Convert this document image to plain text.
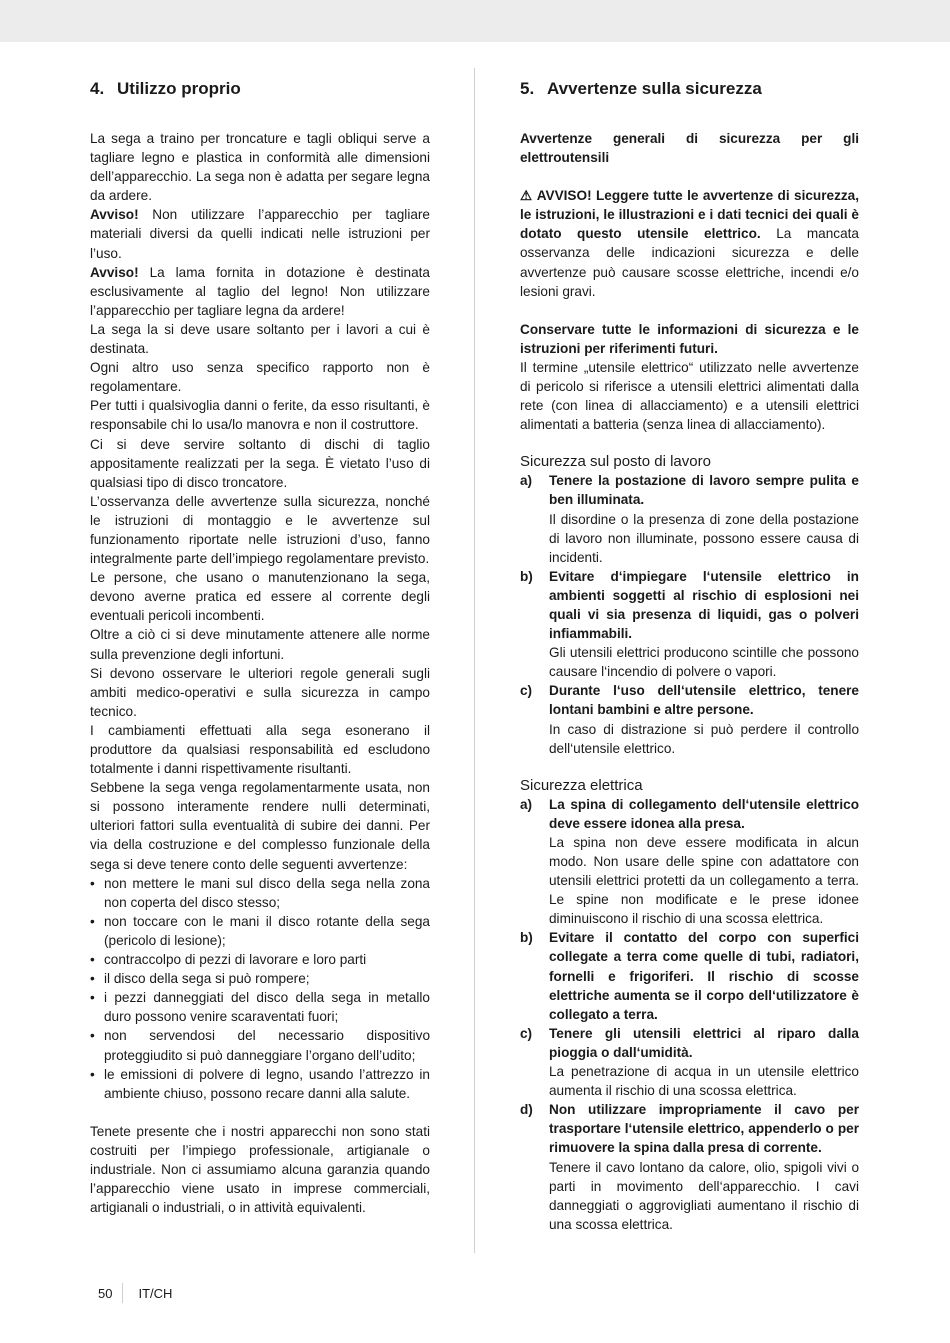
4. Utilizzo proprio

La sega a traino per troncature e tagli obliqui serve a tagliare legno e plastica in conformità alle dimensioni dell’apparecchio. La sega non è adatta per segare legna da ardere.

Avviso! Non utilizzare l’apparecchio per tagliare materiali diversi da quelli indicati nelle istruzioni per l’uso.

Avviso! La lama fornita in dotazione è destinata esclusivamente al taglio del legno! Non utilizzare l’apparecchio per tagliare legna da ardere!

La sega la si deve usare soltanto per i lavori a cui è destinata.

Ogni altro uso senza specifico rapporto non è regolamentare.

Per tutti i qualsivoglia danni o ferite, da esso risultanti, è responsabile chi lo usa/lo manovra e non il costruttore.

Ci si deve servire soltanto di dischi di taglio appositamente realizzati per la sega. È vietato l’uso di qualsiasi tipo di disco troncatore.

L’osservanza delle avvertenze sulla sicurezza, nonché le istruzioni di montaggio e le avvertenze sul funzionamento riportate nelle istruzioni d’uso, fanno integralmente parte dell’impiego regolamentare previsto.

Le persone, che usano o manutenzionano la sega, devono averne pratica ed essere al corrente degli eventuali pericoli incombenti.

Oltre a ciò ci si deve minutamente attenere alle norme sulla prevenzione degli infortuni.

Si devono osservare le ulteriori regole generali sugli ambiti medico-operativi e sulla sicurezza in campo tecnico.

I cambiamenti effettuati alla sega esonerano il produttore da qualsiasi responsabilità ed escludono totalmente i danni rispettivamente risultanti.

Sebbene la sega venga regolamentarmente usata, non si possono interamente rendere nulli determinati, ulteriori fattori sulla eventualità di subire dei danni. Per via della costruzione e del complesso funzionale della sega si deve tenere conto delle seguenti avvertenze:

• non mettere le mani sul disco della sega nella zona non coperta del disco stesso;
• non toccare con le mani il disco rotante della sega (pericolo di lesione);
• contraccolpo di pezzi di lavorare e loro parti
• il disco della sega si può rompere;
• i pezzi danneggiati del disco della sega in metallo duro possono venire scaraventati fuori;
• non servendosi del necessario dispositivo proteggiudito si può danneggiare l’organo dell’udito;
• le emissioni di polvere di legno, usando l’attrezzo in ambiente chiuso, possono recare danni alla salute.

Tenete presente che i nostri apparecchi non sono stati costruiti per l’impiego professionale, artigianale o industriale. Non ci assumiamo alcuna garanzia quando l’apparecchio viene usato in imprese commerciali, artigianali o industriali, o in attività equivalenti.

5. Avvertenze sulla sicurezza

Avvertenze generali di sicurezza per gli elettroutensili

⚠ AVVISO! Leggere tutte le avvertenze di sicurezza, le istruzioni, le illustrazioni e i dati tecnici dei quali è dotato questo utensile elettrico. La mancata osservanza delle indicazioni sicurezza e delle avvertenze può causare scosse elettriche, incendi e/o lesioni gravi.

Conservare tutte le informazioni di sicurezza e le istruzioni per riferimenti futuri.

Il termine „utensile elettrico“ utilizzato nelle avvertenze di pericolo si riferisce a utensili elettrici alimentati dalla rete (con linea di allacciamento) e a utensili elettrici alimentati a batteria (senza linea di allacciamento).

Sicurezza sul posto di lavoro
a)	Tenere la postazione di lavoro sempre pulita e ben illuminata.
Il disordine o la presenza di zone della postazione di lavoro non illuminate, possono essere causa di incidenti.
b)	Evitare d‘impiegare l‘utensile elettrico in ambienti soggetti al rischio di esplosioni nei quali vi sia presenza di liquidi, gas o polveri infiammabili.
Gli utensili elettrici producono scintille che possono causare l‘incendio di polvere o vapori.
c)	Durante l‘uso dell‘utensile elettrico, tenere lontani bambini e altre persone.
In caso di distrazione si può perdere il controllo dell‘utensile elettrico.
Sicurezza elettrica
a)	La spina di collegamento dell‘utensile elettrico deve essere idonea alla presa.
La spina non deve essere modificata in alcun modo. Non usare delle spine con adattatore con utensili elettrici protetti da un collegamento a terra. Le spine non modificate e le prese idonee diminuiscono il rischio di una scossa elettrica.
b)	Evitare il contatto del corpo con superfici collegate a terra come quelle di tubi, radiatori, fornelli e frigoriferi. Il rischio di scosse elettriche aumenta se il corpo dell‘utilizzatore è collegato a terra.
c)	Tenere gli utensili elettrici al riparo dalla pioggia o dall‘umidità.
La penetrazione di acqua in un utensile elettrico aumenta il rischio di una scossa elettrica.
d)	Non utilizzare impropriamente il cavo per trasportare l‘utensile elettrico, appenderlo o per rimuovere la spina dalla presa di corrente.
Tenere il cavo lontano da calore, olio, spigoli vivi o parti in movimento dell‘apparecchio. I cavi danneggiati o aggrovigliati aumentano il rischio di una scossa elettrica.
50	IT/CH
